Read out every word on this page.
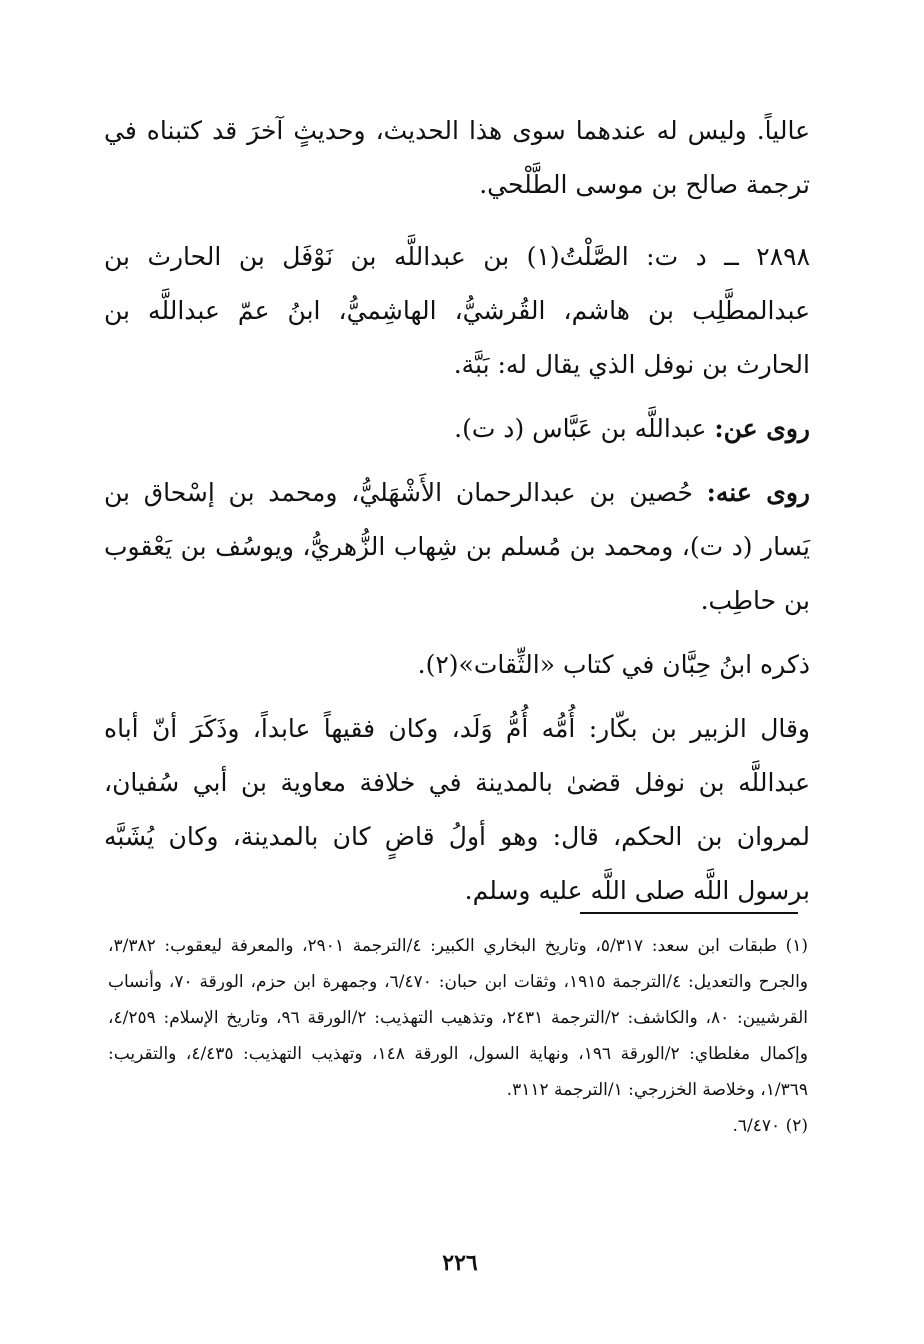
عالياً. وليس له عندهما سوى هذا الحديث، وحديثٍ آخرَ قد كتبناه في ترجمة صالح بن موسى الطَّلْحي.

٢٨٩٨ ــ د ت: الصَّلْتُ(١) بن عبداللَّه بن نَوْفَل بن الحارث بن عبدالمطَّلِب بن هاشم، القُرشيُّ، الهاشِميُّ، ابنُ عمّ عبداللَّه بن الحارث بن نوفل الذي يقال له: بَبَّة.

روى عن: عبداللَّه بن عَبَّاس (د ت).

روى عنه: حُصين بن عبدالرحمان الأَشْهَليُّ، ومحمد بن إسْحاق بن يَسار (د ت)، ومحمد بن مُسلم بن شِهاب الزُّهريُّ، ويوسُف بن يَعْقوب بن حاطِب.

ذكره ابنُ حِبَّان في كتاب «الثِّقات»(٢).

وقال الزبير بن بكّار: أُمُّه أُمُّ وَلَد، وكان فقيهاً عابداً، وذَكَرَ أنّ أباه عبداللَّه بن نوفل قضىٰ بالمدينة في خلافة معاوية بن أبي سُفيان، لمروان بن الحكم، قال: وهو أولُ قاضٍ كان بالمدينة، وكان يُشَبَّه برسول اللَّه صلى اللَّه عليه وسلم.

(١) طبقات ابن سعد: ٥/٣١٧، وتاريخ البخاري الكبير: ٤/الترجمة ٢٩٠١، والمعرفة ليعقوب: ٣/٣٨٢، والجرح والتعديل: ٤/الترجمة ١٩١٥، وثقات ابن حبان: ٦/٤٧٠، وجمهرة ابن حزم، الورقة ٧٠، وأنساب القرشيين: ٨٠، والكاشف: ٢/الترجمة ٢٤٣١، وتذهيب التهذيب: ٢/الورقة ٩٦، وتاريخ الإسلام: ٤/٢٥٩، وإكمال مغلطاي: ٢/الورقة ١٩٦، ونهاية السول، الورقة ١٤٨، وتهذيب التهذيب: ٤/٤٣٥، والتقريب: ١/٣٦٩، وخلاصة الخزرجي: ١/الترجمة ٣١١٢.

(٢) ٦/٤٧٠.

٢٢٦
